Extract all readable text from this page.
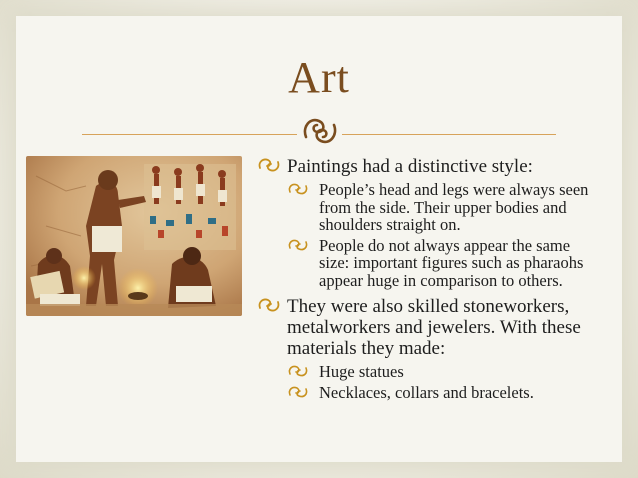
Art
Paintings had a distinctive style:
People’s head and legs were always seen from the side. Their upper bodies and shoulders straight on.
People do not always appear the same size: important figures such as pharaohs appear huge in comparison to others.
They were also skilled stoneworkers, metalworkers and jewelers. With these materials they made:
Huge statues
Necklaces, collars and bracelets.
